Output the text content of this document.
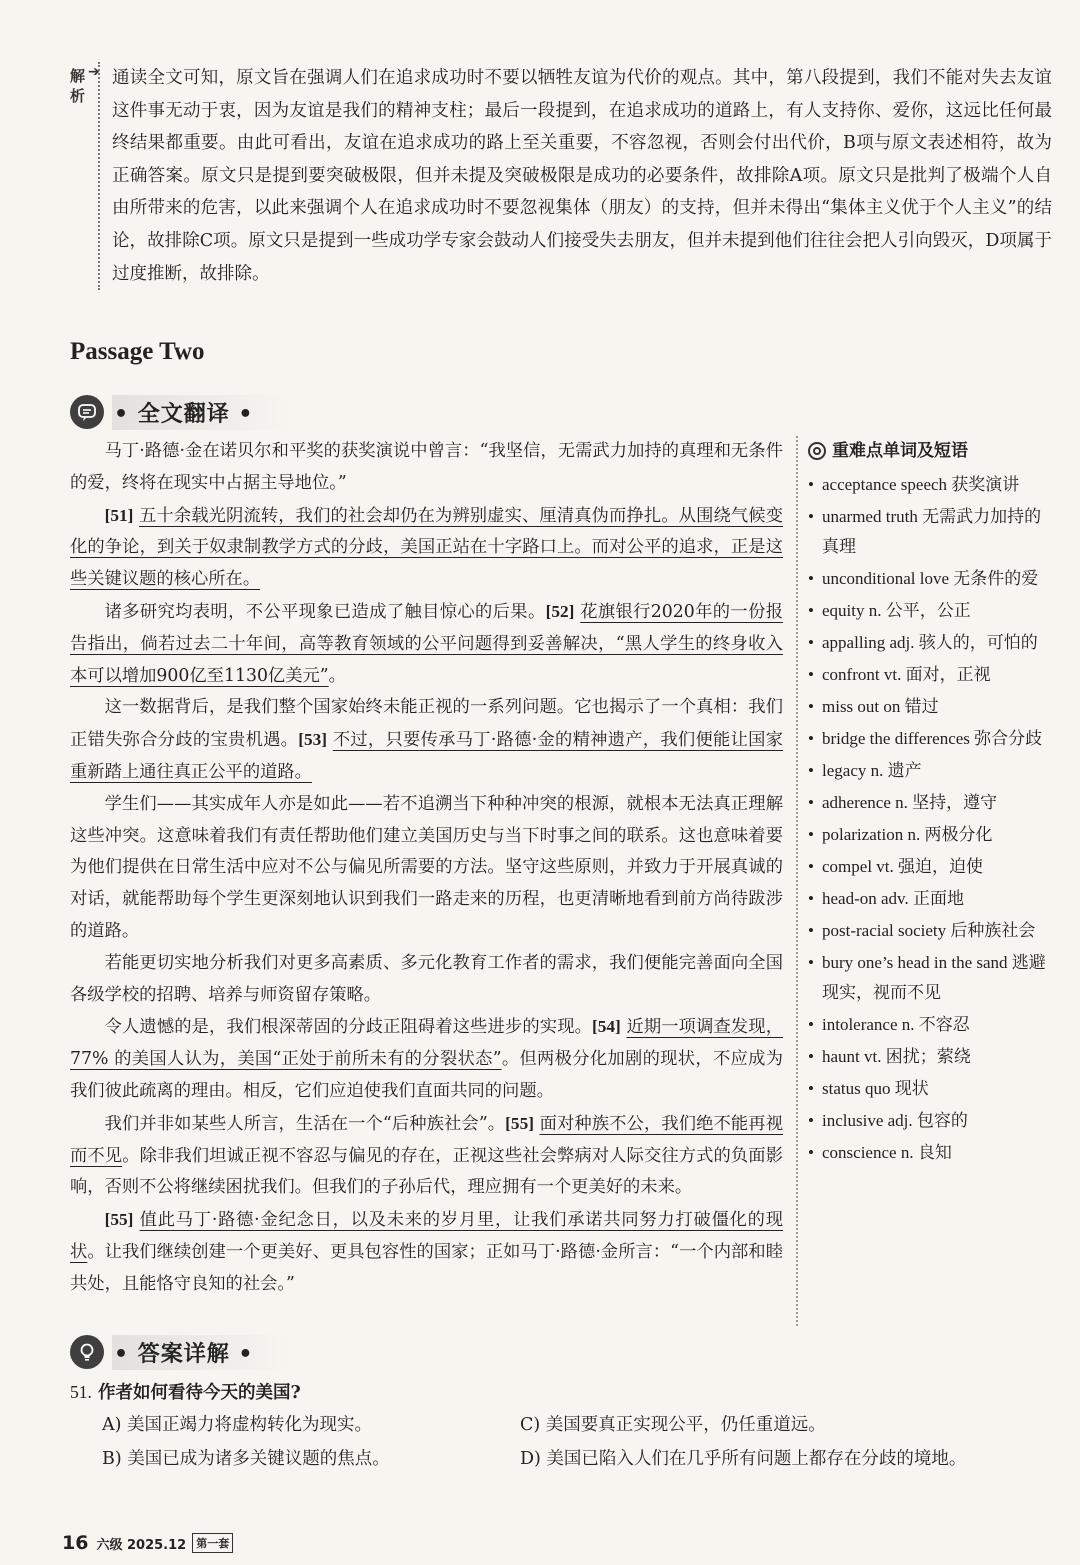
解析
➔ 通读全文可知，原文旨在强调人们在追求成功时不要以牺牲友谊为代价的观点。其中，第八段提到，我们不能对失去友谊这件事无动于衷，因为友谊是我们的精神支柱；最后一段提到，在追求成功的道路上，有人支持你、爱你，这远比任何最终结果都重要。由此可看出，友谊在追求成功的路上至关重要，不容忽视，否则会付出代价，B项与原文表述相符，故为正确答案。原文只是提到要突破极限，但并未提及突破极限是成功的必要条件，故排除A项。原文只是批判了极端个人自由所带来的危害，以此来强调个人在追求成功时不要忽视集体（朋友）的支持，但并未得出“集体主义优于个人主义”的结论，故排除C项。原文只是提到一些成功学专家会鼓动人们接受失去朋友，但并未提到他们往往会把人引向毁灭，D项属于过度推断，故排除。
Passage Two
• 全文翻译 •

马丁·路德·金在诺贝尔和平奖的获奖演说中曾言：“我坚信，无需武力加持的真理和无条件的爱，终将在现实中占据主导地位。”

[51] 五十余载光阴流转，我们的社会却仍在为辨别虚实、厘清真伪而挣扎。从围绕气候变化的争论，到关于奴隶制教学方式的分歧，美国正站在十字路口上。而对公平的追求，正是这些关键议题的核心所在。

诸多研究均表明，不公平现象已造成了触目惊心的后果。[52] 花旗银行2020年的一份报告指出，倘若过去二十年间，高等教育领域的公平问题得到妥善解决，“黑人学生的终身收入本可以增加900亿至1130亿美元”。

这一数据背后，是我们整个国家始终未能正视的一系列问题。它也揭示了一个真相：我们正错失弥合分歧的宝贵机遇。[53] 不过，只要传承马丁·路德·金的精神遗产，我们便能让国家重新踏上通往真正公平的道路。

学生们——其实成年人亦是如此——若不追溯当下种种冲突的根源，就根本无法真正理解这些冲突。这意味着我们有责任帮助他们建立美国历史与当下时事之间的联系。这也意味着要为他们提供在日常生活中应对不公与偏见所需要的方法。坚守这些原则，并致力于开展真诚的对话，就能帮助每个学生更深刻地认识到我们一路走来的历程，也更清晰地看到前方尚待跋涉的道路。

若能更切实地分析我们对更多高素质、多元化教育工作者的需求，我们便能完善面向全国各级学校的招聘、培养与师资留存策略。

令人遗憾的是，我们根深蒂固的分歧正阻碍着这些进步的实现。[54] 近期一项调查发现，77% 的美国人认为，美国“正处于前所未有的分裂状态”。但两极分化加剧的现状，不应成为我们彼此疏离的理由。相反，它们应迫使我们直面共同的问题。

我们并非如某些人所言，生活在一个“后种族社会”。[55] 面对种族不公，我们绝不能再视而不见。除非我们坦诚正视不容忍与偏见的存在，正视这些社会弊病对人际交往方式的负面影响，否则不公将继续困扰我们。但我们的子孙后代，理应拥有一个更美好的未来。

[55] 值此马丁·路德·金纪念日，以及未来的岁月里，让我们承诺共同努力打破僵化的现状。让我们继续创建一个更美好、更具包容性的国家；正如马丁·路德·金所言：“一个内部和睦共处，且能恪守良知的社会。”

重难点单词及短语
• acceptance speech 获奖演讲
• unarmed truth 无需武力加持的真理
• unconditional love 无条件的爱
• equity n. 公平，公正
• appalling adj. 骇人的，可怕的
• confront vt. 面对，正视
• miss out on 错过
• bridge the differences 弥合分歧
• legacy n. 遗产
• adherence n. 坚持，遵守
• polarization n. 两极分化
• compel vt. 强迫，迫使
• head-on adv. 正面地
• post-racial society 后种族社会
• bury one’s head in the sand 逃避现实，视而不见
• intolerance n. 不容忍
• haunt vt. 困扰；萦绕
• status quo 现状
• inclusive adj. 包容的
• conscience n. 良知
• 答案详解 •
51. 作者如何看待今天的美国?
A) 美国正竭力将虚构转化为现实。
B) 美国已成为诸多关键议题的焦点。
C) 美国要真正实现公平，仍任重道远。
D) 美国已陷入人们在几乎所有问题上都存在分歧的境地。
16 六级 2025.12 第一套
